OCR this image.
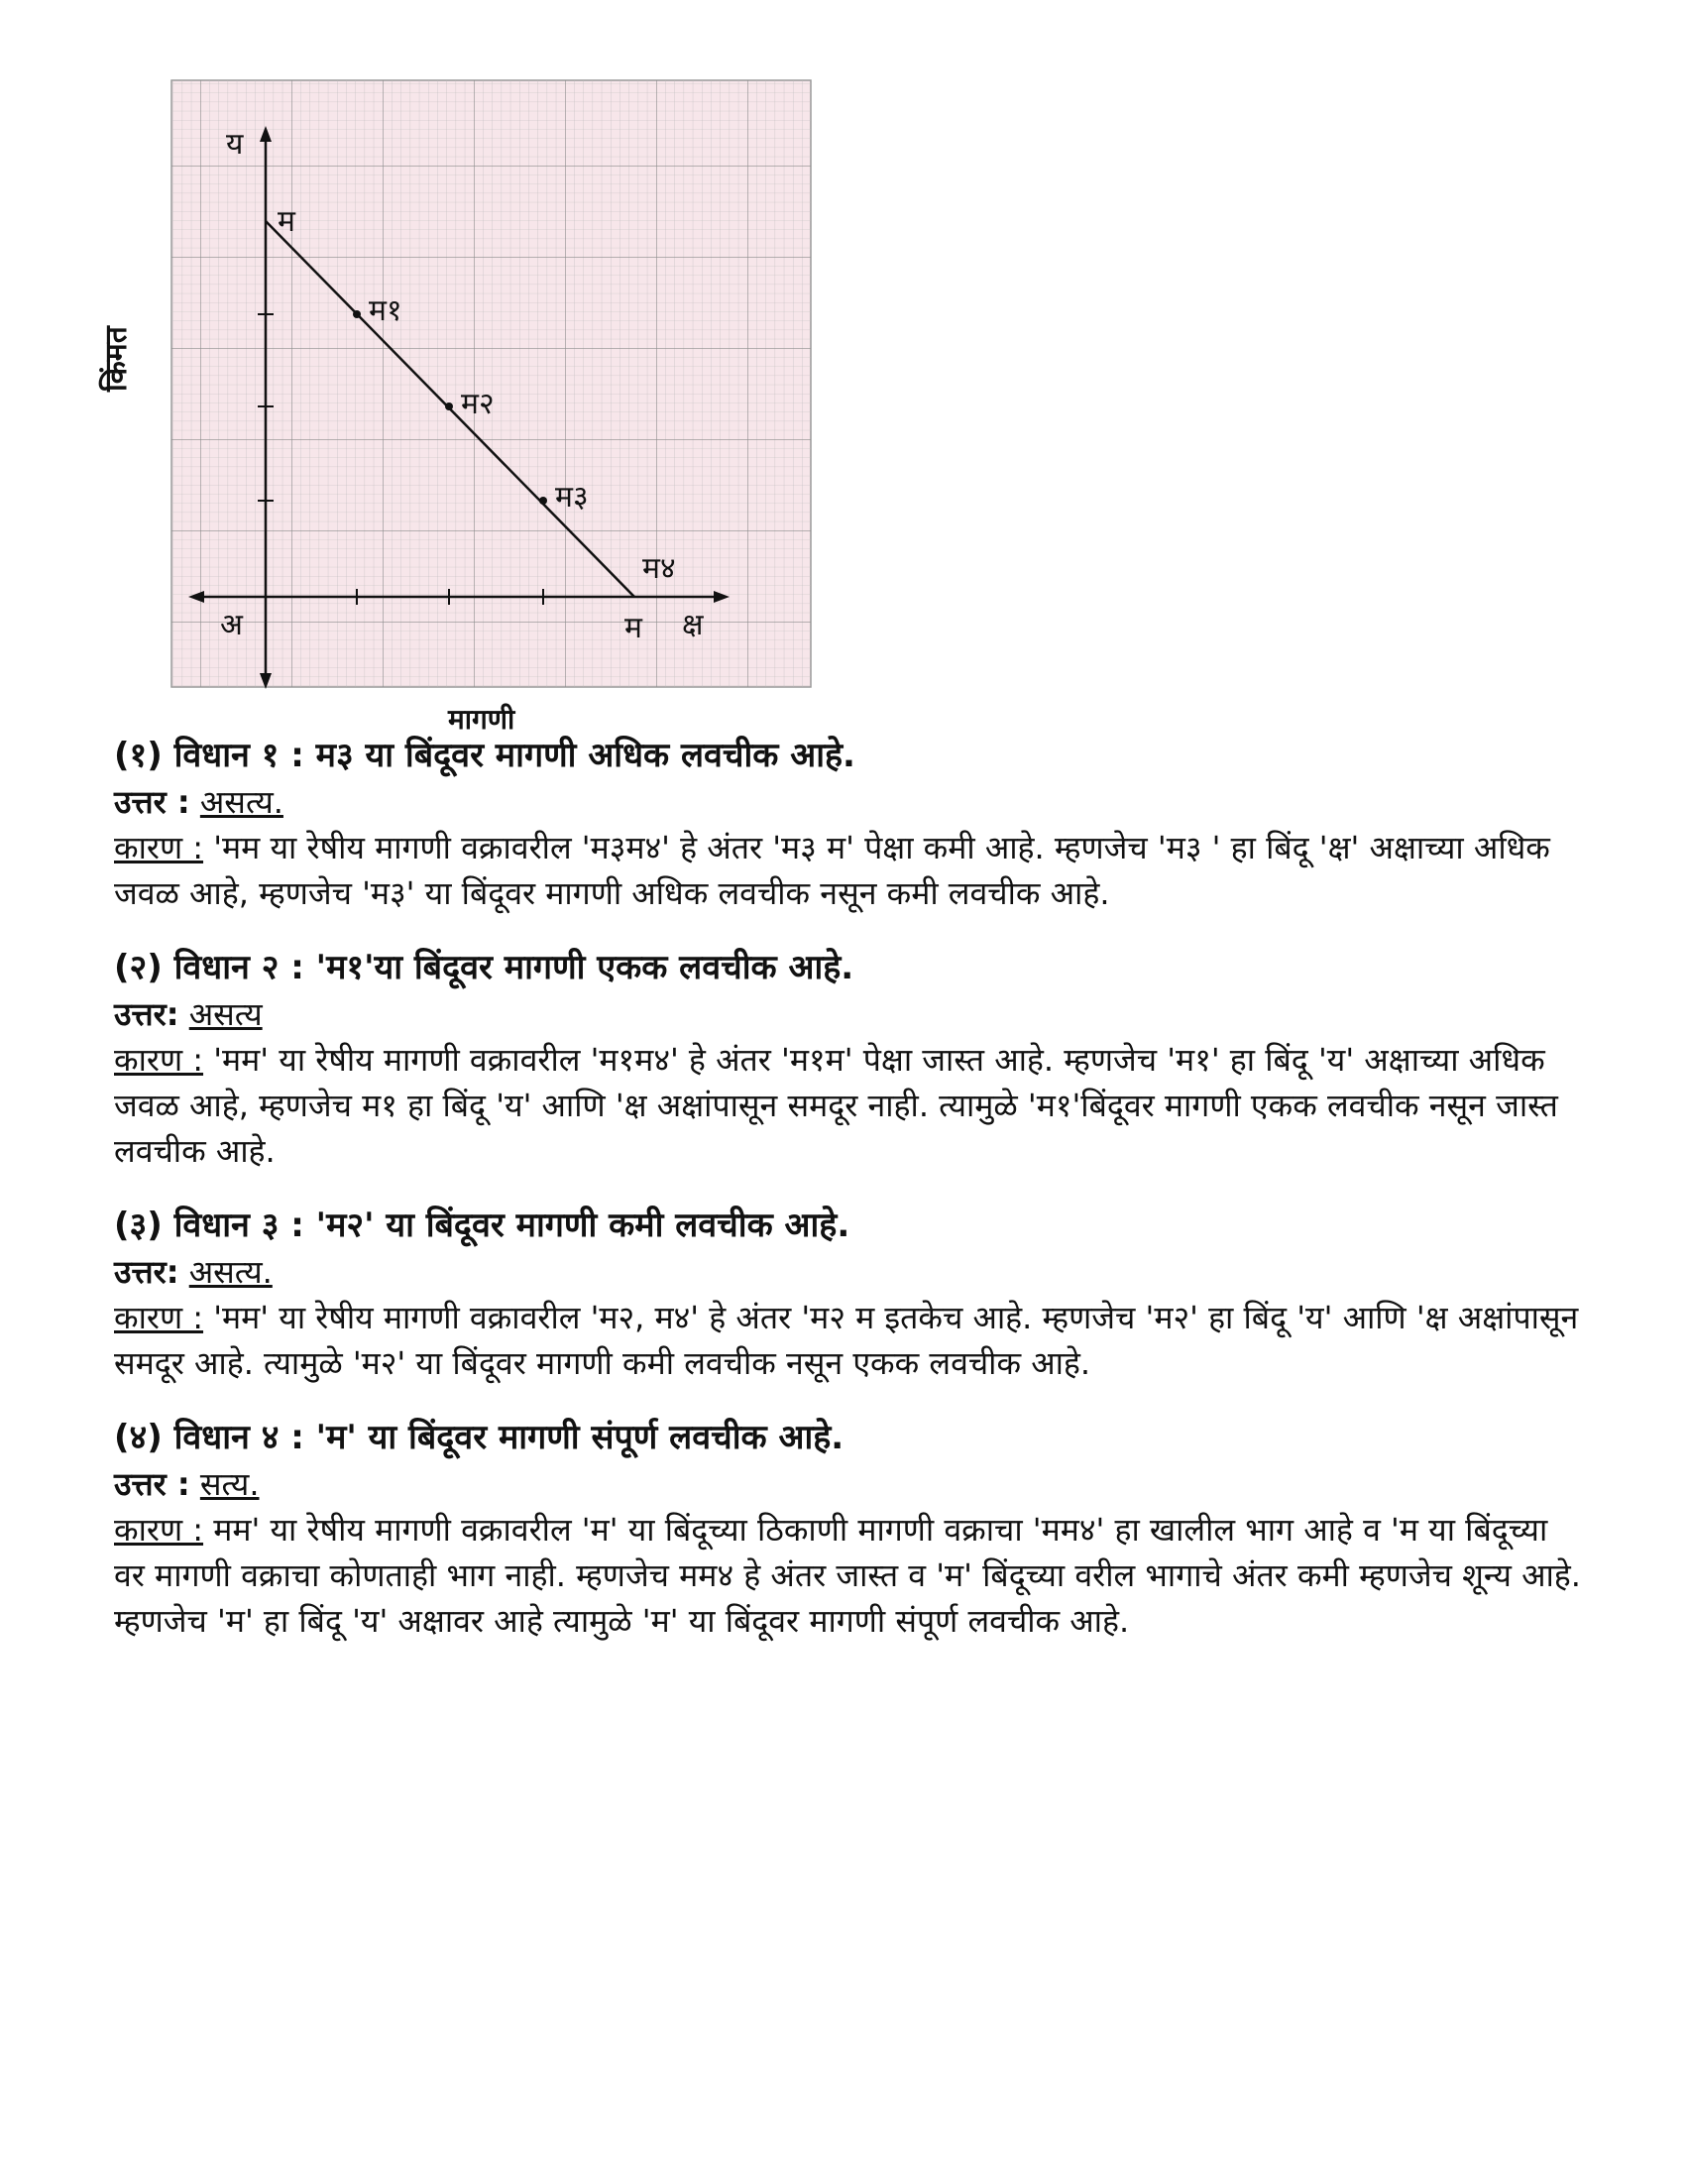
य
म
म१
म२
म३
म४
अ	म क्ष
किंमत
मागणी

(१) विधान १ : म३ या बिंदूवर मागणी अधिक लवचीक आहे.

उत्तर : असत्य.

कारण : 'मम या रेषीय मागणी वक्रावरील 'म३म४' हे अंतर 'म३ म' पेक्षा कमी आहे. म्हणजेच 'म३ ' हा बिंदू 'क्ष' अक्षाच्या अधिक जवळ आहे, म्हणजेच 'म३' या बिंदूवर मागणी अधिक लवचीक नसून कमी लवचीक आहे.

(२) विधान २ : 'म१'या बिंदूवर मागणी एकक लवचीक आहे.

उत्तर: असत्य

कारण : 'मम' या रेषीय मागणी वक्रावरील 'म१म४' हे अंतर 'म१म' पेक्षा जास्त आहे. म्हणजेच 'म१' हा बिंदू 'य' अक्षाच्या अधिक जवळ आहे, म्हणजेच म१ हा बिंदू 'य' आणि 'क्ष अक्षांपासून समदूर नाही. त्यामुळे 'म१'बिंदूवर मागणी एकक लवचीक नसून जास्त लवचीक आहे.

(३) विधान ३ : 'म२' या बिंदूवर मागणी कमी लवचीक आहे.

उत्तर: असत्य.

कारण : 'मम' या रेषीय मागणी वक्रावरील 'म२, म४' हे अंतर 'म२ म इतकेच आहे. म्हणजेच 'म२' हा बिंदू 'य' आणि 'क्ष अक्षांपासून समदूर आहे. त्यामुळे 'म२' या बिंदूवर मागणी कमी लवचीक नसून एकक लवचीक आहे.

(४) विधान ४ : 'म' या बिंदूवर मागणी संपूर्ण लवचीक आहे.

उत्तर : सत्य.

कारण : मम' या रेषीय मागणी वक्रावरील 'म' या बिंदूच्या ठिकाणी मागणी वक्राचा 'मम४' हा खालील भाग आहे व 'म या बिंदूच्या वर मागणी वक्राचा कोणताही भाग नाही. म्हणजेच मम४ हे अंतर जास्त व 'म' बिंदूच्या वरील भागाचे अंतर कमी म्हणजेच शून्य आहे. म्हणजेच 'म' हा बिंदू 'य' अक्षावर आहे त्यामुळे 'म' या बिंदूवर मागणी संपूर्ण लवचीक आहे.
